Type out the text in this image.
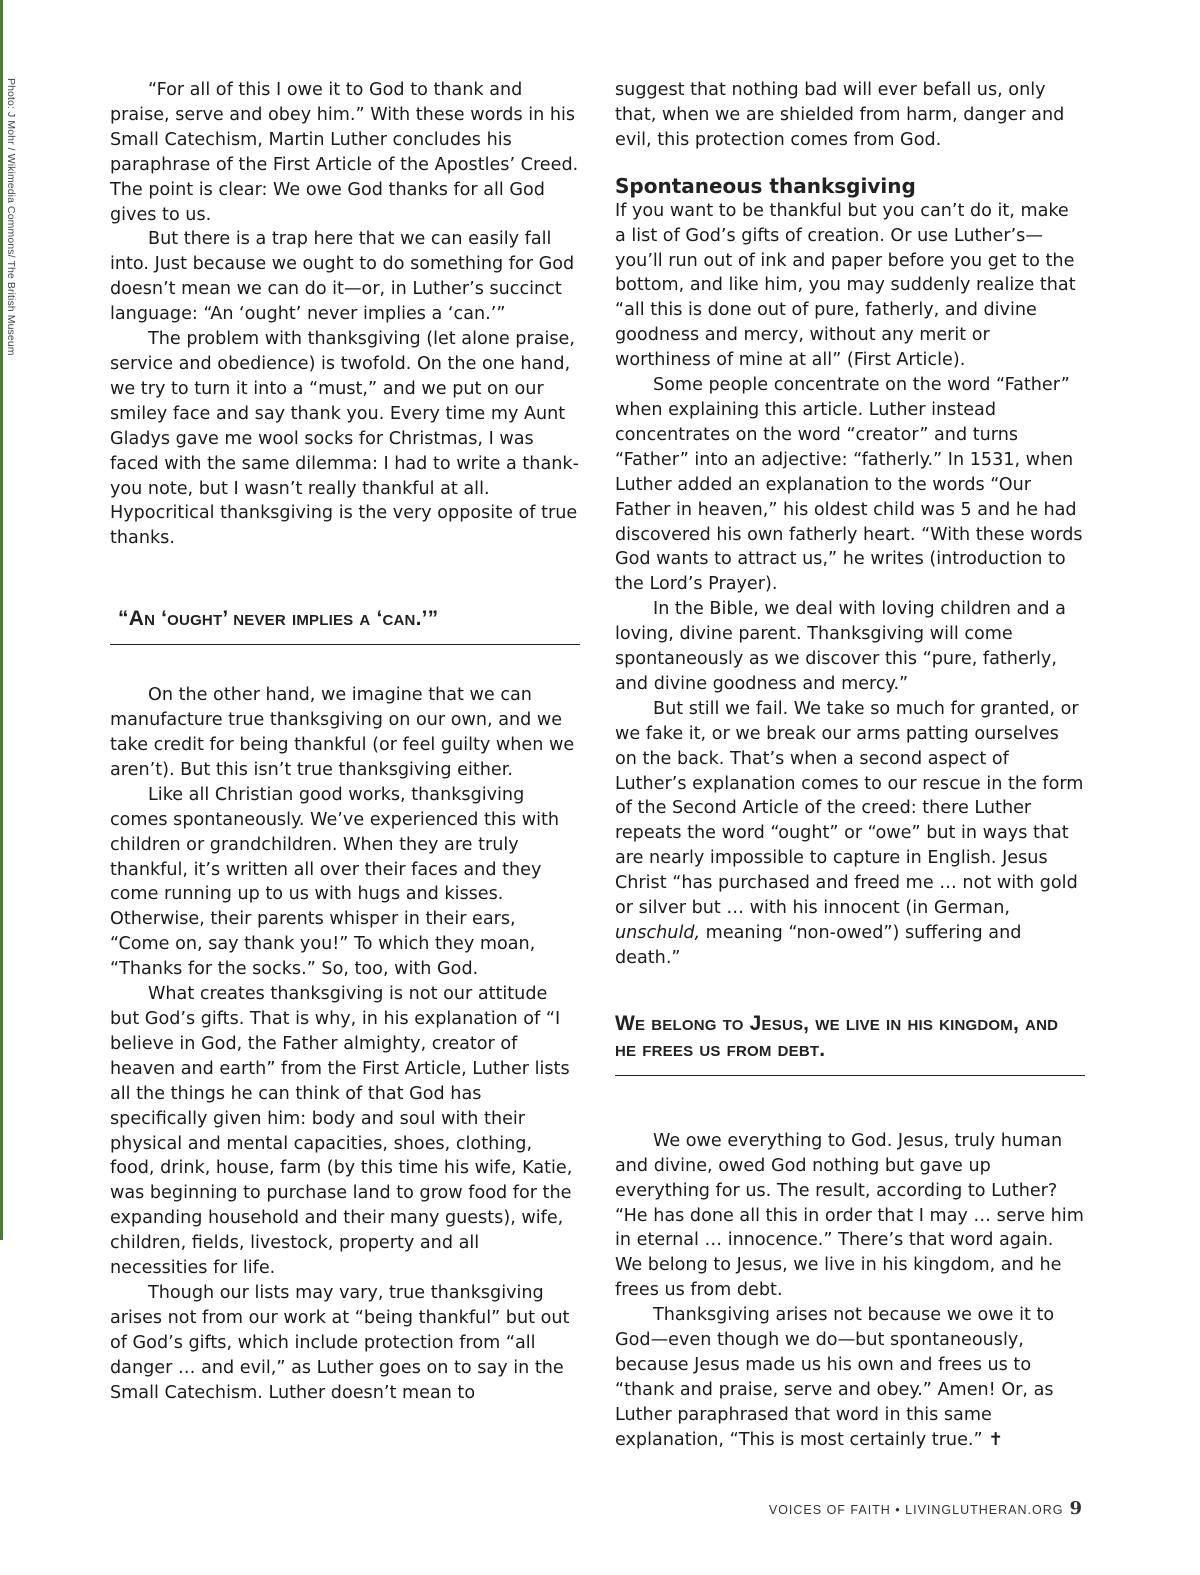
Photo: J Mohr / Wikimedia Commons/ The British Museum	“For all of this I owe it to God to thank and praise, serve and obey him.” With these words in his Small Catechism, Martin Luther concludes his paraphrase of the First Article of the Apostles’ Creed. The point is clear: We owe God thanks for all God gives to us.

But there is a trap here that we can easily fall into. Just because we ought to do something for God doesn’t mean we can do it—or, in Luther’s succinct language: “An ‘ought’ never implies a ‘can.’”

The problem with thanksgiving (let alone praise, service and obedience) is twofold. On the one hand, we try to turn it into a “must,” and we put on our smiley face and say thank you. Every time my Aunt Gladys gave me wool socks for Christmas, I was faced with the same dilemma: I had to write a thank-you note, but I wasn’t really thankful at all. Hypocritical thanksgiving is the very opposite of true thanks.

“An ‘ought’ never implies a ‘can.’”

On the other hand, we imagine that we can manufacture true thanksgiving on our own, and we take credit for being thankful (or feel guilty when we aren’t). But this isn’t true thanksgiving either.

Like all Christian good works, thanksgiving comes spontaneously. We’ve experienced this with children or grandchildren. When they are truly thankful, it’s written all over their faces and they come running up to us with hugs and kisses. Otherwise, their parents whisper in their ears, “Come on, say thank you!” To which they moan, “Thanks for the socks.” So, too, with God.

What creates thanksgiving is not our attitude but God’s gifts. That is why, in his explanation of “I believe in God, the Father almighty, creator of heaven and earth” from the First Article, Luther lists all the things he can think of that God has specifically given him: body and soul with their physical and mental capacities, shoes, clothing, food, drink, house, farm (by this time his wife, Katie, was beginning to purchase land to grow food for the expanding household and their many guests), wife, children, fields, livestock, property and all necessities for life.

Though our lists may vary, true thanksgiving arises not from our work at “being thankful” but out of God’s gifts, which include protection from “all danger … and evil,” as Luther goes on to say in the Small Catechism. Luther doesn’t mean to

suggest that nothing bad will ever befall us, only that, when we are shielded from harm, danger and evil, this protection comes from God.

Spontaneous thanksgiving

If you want to be thankful but you can’t do it, make a list of God’s gifts of creation. Or use Luther’s—you’ll run out of ink and paper before you get to the bottom, and like him, you may suddenly realize that “all this is done out of pure, fatherly, and divine goodness and mercy, without any merit or worthiness of mine at all” (First Article).

Some people concentrate on the word “Father” when explaining this article. Luther instead concentrates on the word “creator” and turns “Father” into an adjective: “fatherly.” In 1531, when Luther added an explanation to the words “Our Father in heaven,” his oldest child was 5 and he had discovered his own fatherly heart. “With these words God wants to attract us,” he writes (introduction to the Lord’s Prayer).

In the Bible, we deal with loving children and a loving, divine parent. Thanksgiving will come spontaneously as we discover this “pure, fatherly, and divine goodness and mercy.”

But still we fail. We take so much for granted, or we fake it, or we break our arms patting ourselves on the back. That’s when a second aspect of Luther’s explanation comes to our rescue in the form of the Second Article of the creed: there Luther repeats the word “ought” or “owe” but in ways that are nearly impossible to capture in English. Jesus Christ “has purchased and freed me … not with gold or silver but … with his innocent (in German, unschuld, meaning “non-owed”) suffering and death.”

We belong to Jesus, we live in his kingdom, and he frees us from debt.

We owe everything to God. Jesus, truly human and divine, owed God nothing but gave up everything for us. The result, according to Luther? “He has done all this in order that I may … serve him in eternal … innocence.” There’s that word again. We belong to Jesus, we live in his kingdom, and he frees us from debt.

Thanksgiving arises not because we owe it to God—even though we do—but spontaneously, because Jesus made us his own and frees us to “thank and praise, serve and obey.” Amen! Or, as Luther paraphrased that word in this same explanation, “This is most certainly true.” ✝

VOICES OF FAITH • LIVINGLUTHERAN.ORG 9
